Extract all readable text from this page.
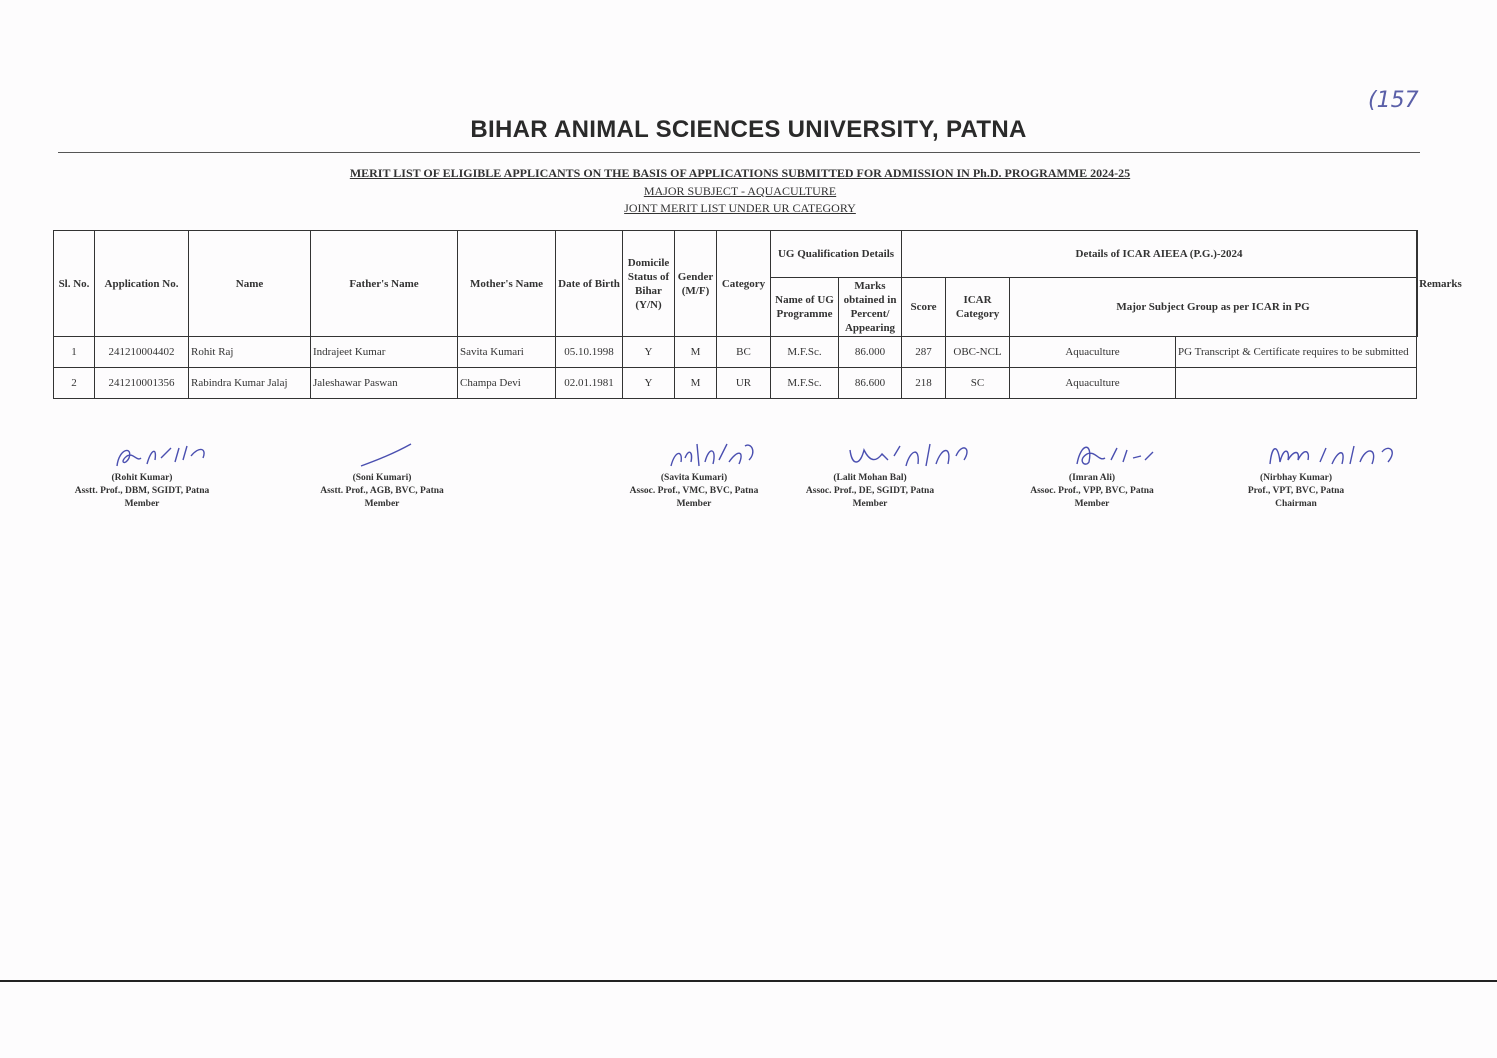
(157
BIHAR ANIMAL SCIENCES UNIVERSITY, PATNA
MERIT LIST OF ELIGIBLE APPLICANTS ON THE BASIS OF APPLICATIONS SUBMITTED FOR ADMISSION IN Ph.D. PROGRAMME 2024-25
MAJOR SUBJECT - AQUACULTURE
JOINT MERIT LIST UNDER UR CATEGORY
Sl. No.	Application No.	Name	Father's Name	Mother's Name	Date of Birth	Domicile Status of Bihar (Y/N)	Gender (M/F)	Category	UG Qualification Details		Details of ICAR AIEEA (P.G.)-2024				Remarks
									Name of UG Programme	Marks obtained in Percent/ Appearing	Score	ICAR Category	Major Subject Group as per ICAR in PG		
1	241210004402	Rohit Raj	Indrajeet Kumar	Savita Kumari	05.10.1998	Y	M	BC	M.F.Sc.	86.000	287	OBC-NCL	Aquaculture	PG Transcript & Certificate requires to be submitted	
2	241210001356	Rabindra Kumar Jalaj	Jaleshawar Paswan	Champa Devi	02.01.1981	Y	M	UR	M.F.Sc.	86.600	218	SC	Aquaculture		
(Rohit Kumar)
Asstt. Prof., DBM, SGIDT, Patna
Member
(Soni Kumari)
Asstt. Prof., AGB, BVC, Patna
Member
(Savita Kumari)
Assoc. Prof., VMC, BVC, Patna
Member
(Lalit Mohan Bal)
Assoc. Prof., DE, SGIDT, Patna
Member
(Imran Ali)
Assoc. Prof., VPP, BVC, Patna
Member
(Nirbhay Kumar)
Prof., VPT, BVC, Patna
Chairman
